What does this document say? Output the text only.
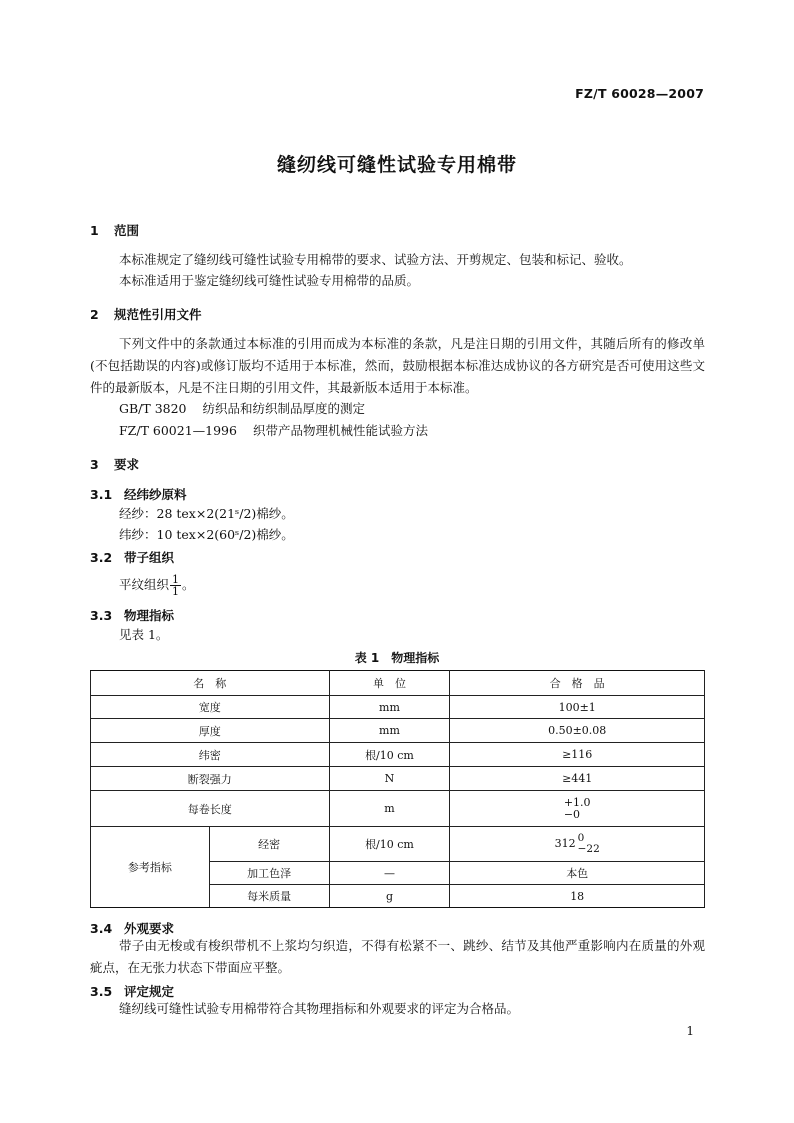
FZ/T 60028—2007
缝纫线可缝性试验专用棉带
1 范围
本标准规定了缝纫线可缝性试验专用棉带的要求、试验方法、开剪规定、包装和标记、验收。
本标准适用于鉴定缝纫线可缝性试验专用棉带的品质。
2 规范性引用文件
下列文件中的条款通过本标准的引用而成为本标准的条款，凡是注日期的引用文件，其随后所有的修改单(不包括勘误的内容)或修订版均不适用于本标准，然而，鼓励根据本标准达成协议的各方研究是否可使用这些文件的最新版本，凡是不注日期的引用文件，其最新版本适用于本标准。
GB/T 3820 纺织品和纺织制品厚度的测定
FZ/T 60021—1996 织带产品物理机械性能试验方法
3 要求
3.1 经纬纱原料
经纱：28 tex×2(21ˢ/2)棉纱。
纬纱：10 tex×2(60ˢ/2)棉纱。
3.2 带子组织
平纹组织 $\frac{1}{1}$ 。
3.3 物理指标
见表 1。
表 1　物理指标
名　称		单　位	合　格　品
宽度		mm	100±1
厚度		mm	0.50±0.08
纬密		根/10 cm	≥116
断裂强力		N	≥441
每卷长度		m	+1.0
−0

参考指标	经密	根/10 cm	312 0
−22

	加工色泽	—	本色
	每米质量	g	18
3.4 外观要求
带子由无梭或有梭织带机不上浆均匀织造，不得有松紧不一、跳纱、结节及其他严重影响内在质量的外观疵点，在无张力状态下带面应平整。
3.5 评定规定
缝纫线可缝性试验专用棉带符合其物理指标和外观要求的评定为合格品。
1
